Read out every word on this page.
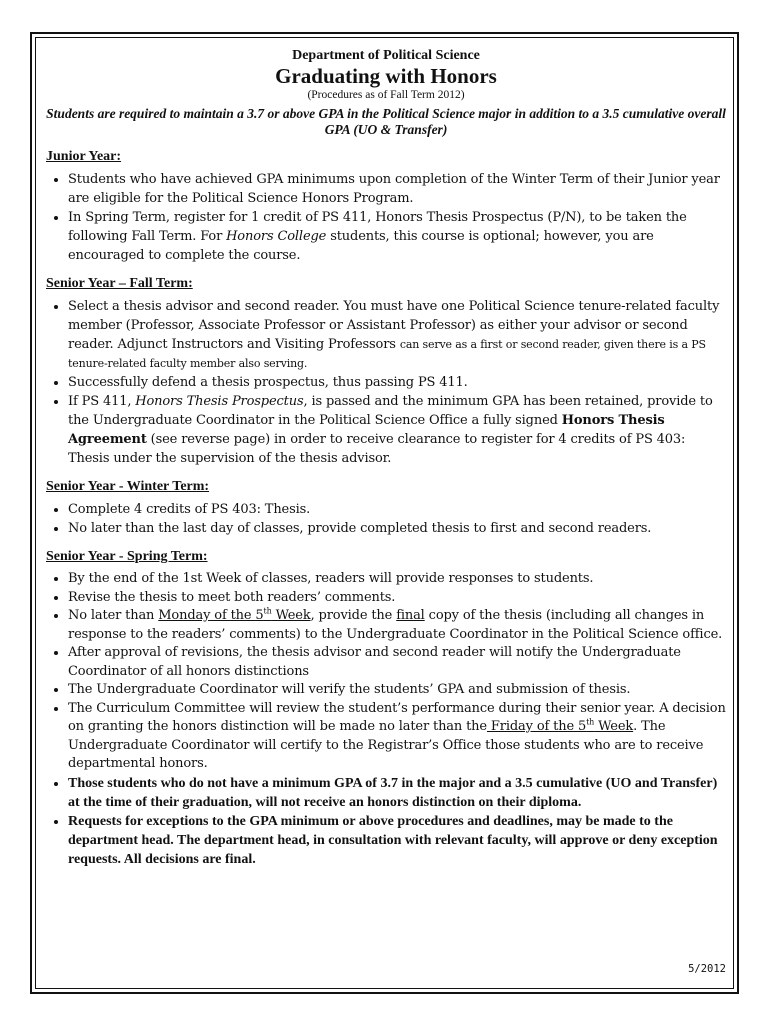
Department of Political Science
Graduating with Honors
(Procedures as of Fall Term 2012)
Students are required to maintain a 3.7 or above GPA in the Political Science major in addition to a 3.5 cumulative overall GPA (UO & Transfer)
Junior Year:
• Students who have achieved GPA minimums upon completion of the Winter Term of their Junior year are eligible for the Political Science Honors Program.
• In Spring Term, register for 1 credit of PS 411, Honors Thesis Prospectus (P/N), to be taken the following Fall Term. For Honors College students, this course is optional; however, you are encouraged to complete the course.
Senior Year – Fall Term:
• Select a thesis advisor and second reader. You must have one Political Science tenure-related faculty member (Professor, Associate Professor or Assistant Professor) as either your advisor or second reader. Adjunct Instructors and Visiting Professors can serve as a first or second reader, given there is a PS tenure-related faculty member also serving.
• Successfully defend a thesis prospectus, thus passing PS 411.
• If PS 411, Honors Thesis Prospectus, is passed and the minimum GPA has been retained, provide to the Undergraduate Coordinator in the Political Science Office a fully signed Honors Thesis Agreement (see reverse page) in order to receive clearance to register for 4 credits of PS 403: Thesis under the supervision of the thesis advisor.
Senior Year - Winter Term:
• Complete 4 credits of PS 403: Thesis.
• No later than the last day of classes, provide completed thesis to first and second readers.
Senior Year - Spring Term:
• By the end of the 1st Week of classes, readers will provide responses to students.
• Revise the thesis to meet both readers’ comments.
• No later than Monday of the 5th Week, provide the final copy of the thesis (including all changes in response to the readers’ comments) to the Undergraduate Coordinator in the Political Science office.
• After approval of revisions, the thesis advisor and second reader will notify the Undergraduate Coordinator of all honors distinctions
• The Undergraduate Coordinator will verify the students’ GPA and submission of thesis.
• The Curriculum Committee will review the student’s performance during their senior year. A decision on granting the honors distinction will be made no later than the Friday of the 5th Week. The Undergraduate Coordinator will certify to the Registrar’s Office those students who are to receive departmental honors.
• Those students who do not have a minimum GPA of 3.7 in the major and a 3.5 cumulative (UO and Transfer) at the time of their graduation, will not receive an honors distinction on their diploma.
• Requests for exceptions to the GPA minimum or above procedures and deadlines, may be made to the department head. The department head, in consultation with relevant faculty, will approve or deny exception requests. All decisions are final.
5/2012
